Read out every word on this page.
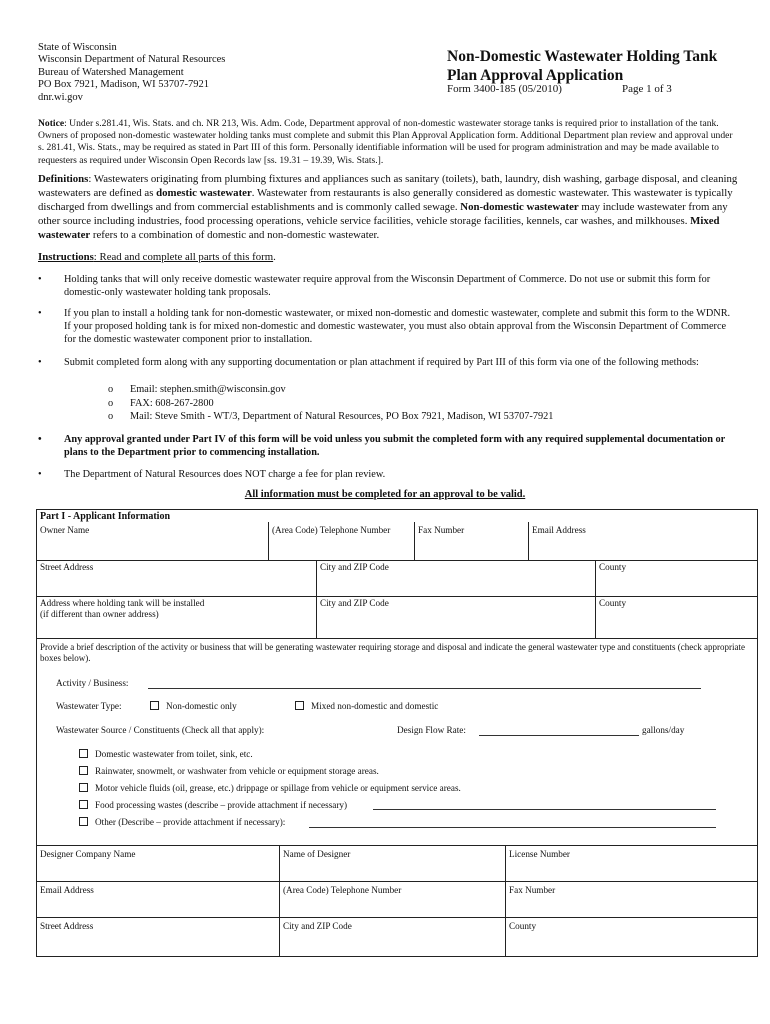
State of Wisconsin
Wisconsin Department of Natural Resources
Bureau of Watershed Management
PO Box 7921, Madison, WI 53707-7921
dnr.wi.gov
Non-Domestic Wastewater Holding Tank
Plan Approval Application
Form 3400-185 (05/2010)	Page 1 of 3
Notice: Under s.281.41, Wis. Stats. and ch. NR 213, Wis. Adm. Code, Department approval of non-domestic wastewater storage tanks is required prior to installation of the tank. Owners of proposed non-domestic wastewater holding tanks must complete and submit this Plan Approval Application form. Additional Department plan review and approval under s. 281.41, Wis. Stats., may be required as stated in Part III of this form. Personally identifiable information will be used for program administration and may be made available to requesters as required under Wisconsin Open Records law [ss. 19.31 – 19.39, Wis. Stats.].
Definitions: Wastewaters originating from plumbing fixtures and appliances such as sanitary (toilets), bath, laundry, dish washing, garbage disposal, and cleaning wastewaters are defined as domestic wastewater. Wastewater from restaurants is also generally considered as domestic wastewater. This wastewater is typically discharged from dwellings and from commercial establishments and is commonly called sewage. Non-domestic wastewater may include wastewater from any other source including industries, food processing operations, vehicle service facilities, vehicle storage facilities, kennels, car washes, and milkhouses. Mixed wastewater refers to a combination of domestic and non-domestic wastewater.
Instructions: Read and complete all parts of this form.
• Holding tanks that will only receive domestic wastewater require approval from the Wisconsin Department of Commerce. Do not use or submit this form for domestic-only wastewater holding tank proposals.
• If you plan to install a holding tank for non-domestic wastewater, or mixed non-domestic and domestic wastewater, complete and submit this form to the WDNR. If your proposed holding tank is for mixed non-domestic and domestic wastewater, you must also obtain approval from the Wisconsin Department of Commerce for the domestic wastewater component prior to installation.
• Submit completed form along with any supporting documentation or plan attachment if required by Part III of this form via one of the following methods:
o Email: stephen.smith@wisconsin.gov
o FAX: 608-267-2800
o Mail: Steve Smith - WT/3, Department of Natural Resources, PO Box 7921, Madison, WI 53707-7921
• Any approval granted under Part IV of this form will be void unless you submit the completed form with any required supplemental documentation or plans to the Department prior to commencing installation.
• The Department of Natural Resources does NOT charge a fee for plan review.
All information must be completed for an approval to be valid.
Part I - Applicant Information
Owner Name	(Area Code) Telephone Number	Fax Number	Email Address
Street Address	City and ZIP Code	County
Address where holding tank will be installed
(if different than owner address)
City and ZIP Code	County
Provide a brief description of the activity or business that will be generating wastewater requiring storage and disposal and indicate the general wastewater type and constituents (check appropriate boxes below).
Activity / Business:
Wastewater Type:	Non-domestic only	Mixed non-domestic and domestic
Wastewater Source / Constituents (Check all that apply):	Design Flow Rate:	gallons/day
Domestic wastewater from toilet, sink, etc.
Rainwater, snowmelt, or washwater from vehicle or equipment storage areas.
Motor vehicle fluids (oil, grease, etc.) drippage or spillage from vehicle or equipment service areas.
Food processing wastes (describe – provide attachment if necessary)
Other (Describe – provide attachment if necessary):
Designer Company Name	Name of Designer	License Number
Email Address	(Area Code) Telephone Number	Fax Number
Street Address	City and ZIP Code	County
